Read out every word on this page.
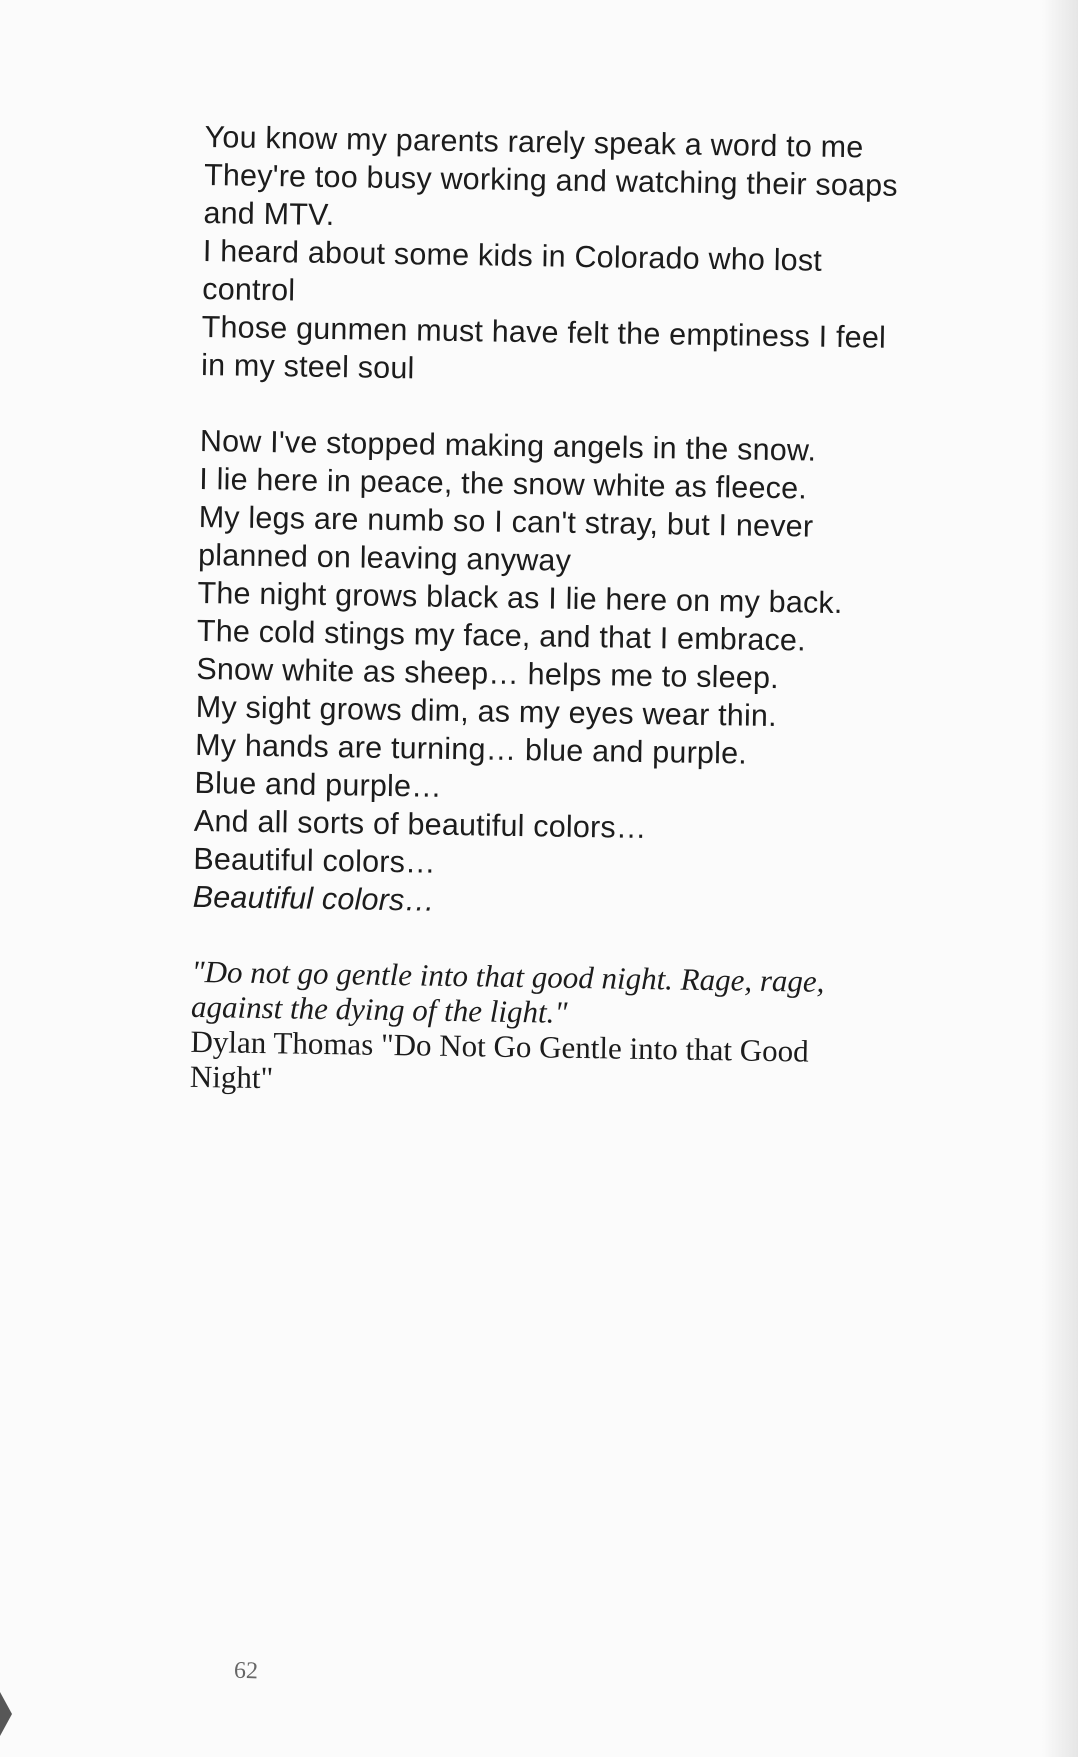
You know my parents rarely speak a word to me
They're too busy working and watching their soaps
and MTV.
I heard about some kids in Colorado who lost
control
Those gunmen must have felt the emptiness I feel
in my steel soul

Now I've stopped making angels in the snow.
I lie here in peace, the snow white as fleece.
My legs are numb so I can't stray, but I never
planned on leaving anyway
The night grows black as I lie here on my back.
The cold stings my face, and that I embrace.
Snow white as sheep… helps me to sleep.
My sight grows dim, as my eyes wear thin.
My hands are turning… blue and purple.
Blue and purple…
And all sorts of beautiful colors…
Beautiful colors…
Beautiful colors…

"Do not go gentle into that good night. Rage, rage,
against the dying of the light."
Dylan Thomas "Do Not Go Gentle into that Good
Night"

62
